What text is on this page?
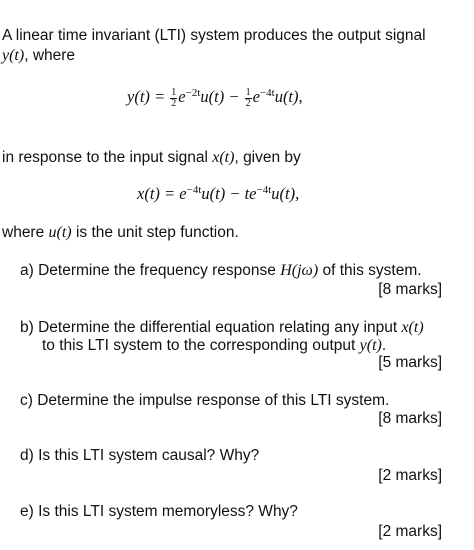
A linear time invariant (LTI) system produces the output signal
y(t), where
$y(t) = \frac{1}{2} e^{-2t}u(t) - \frac{1}{2} e^{-4t}u(t)$,
in response to the input signal x(t), given by
$x(t) = e^{-4t}u(t) - te^{-4t}u(t)$,
where u(t) is the unit step function.
a) Determine the frequency response H(jω) of this system.
[8 marks]
b) Determine the differential equation relating any input x(t)
to this LTI system to the corresponding output y(t).
[5 marks]
c) Determine the impulse response of this LTI system.
[8 marks]
d) Is this LTI system causal? Why?
[2 marks]
e) Is this LTI system memoryless? Why?
[2 marks]
